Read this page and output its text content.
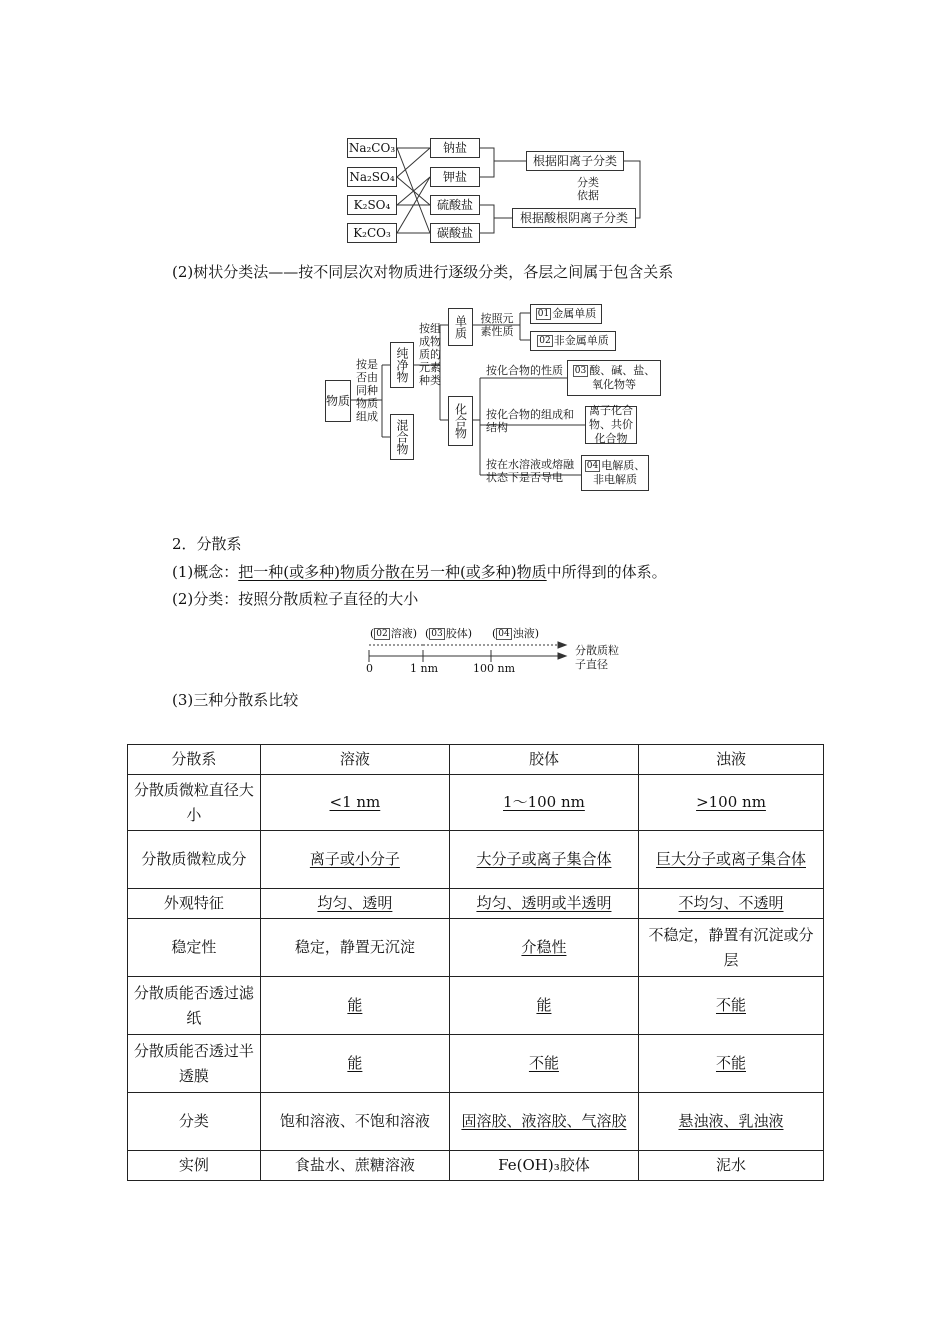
Na₂CO₃
Na₂SO₄
K₂SO₄
K₂CO₃
钠盐
钾盐
硫酸盐
碳酸盐
根据阳离子分类
根据酸根阴离子分类
分类依据
(2)树状分类法——按不同层次对物质进行逐级分类，各层之间属于包含关系
物质
按是否由同种物质组成
纯净物
混合物
按组成物质的元素种类
单质
化合物
按照元素性质
01 金属单质
02 非金属单质
按化合物的性质	03 酸、碱、盐、氧化物等
按化合物的组成和结构
离子化合物、共价化合物
按在水溶液或熔融状态下是否导电
04 电解质、非电解质
2．分散系
(1)概念：把一种(或多种)物质分散在另一种(或多种)物质中所得到的体系。
(2)分类：按照分散质粒子直径的大小
( 02 溶液) ( 03 胶体) ( 04 浊液)
0	1 nm	100 nm
分散质粒子直径
(3)三种分散系比较
分散系	溶液	胶体	浊液
分散质微粒直径大小	<1 nm	1～100 nm	>100 nm
分散质微粒成分	离子或小分子	大分子或离子集合体	巨大分子或离子集合体
外观特征	均匀、透明	均匀、透明或半透明	不均匀、不透明
稳定性	稳定，静置无沉淀	介稳性	不稳定，静置有沉淀或分层
分散质能否透过滤纸	能	能	不能
分散质能否透过半透膜	能	不能	不能
分类	饱和溶液、不饱和溶液	固溶胶、液溶胶、气溶胶	悬浊液、乳浊液
实例	食盐水、蔗糖溶液	Fe(OH)₃胶体	泥水
